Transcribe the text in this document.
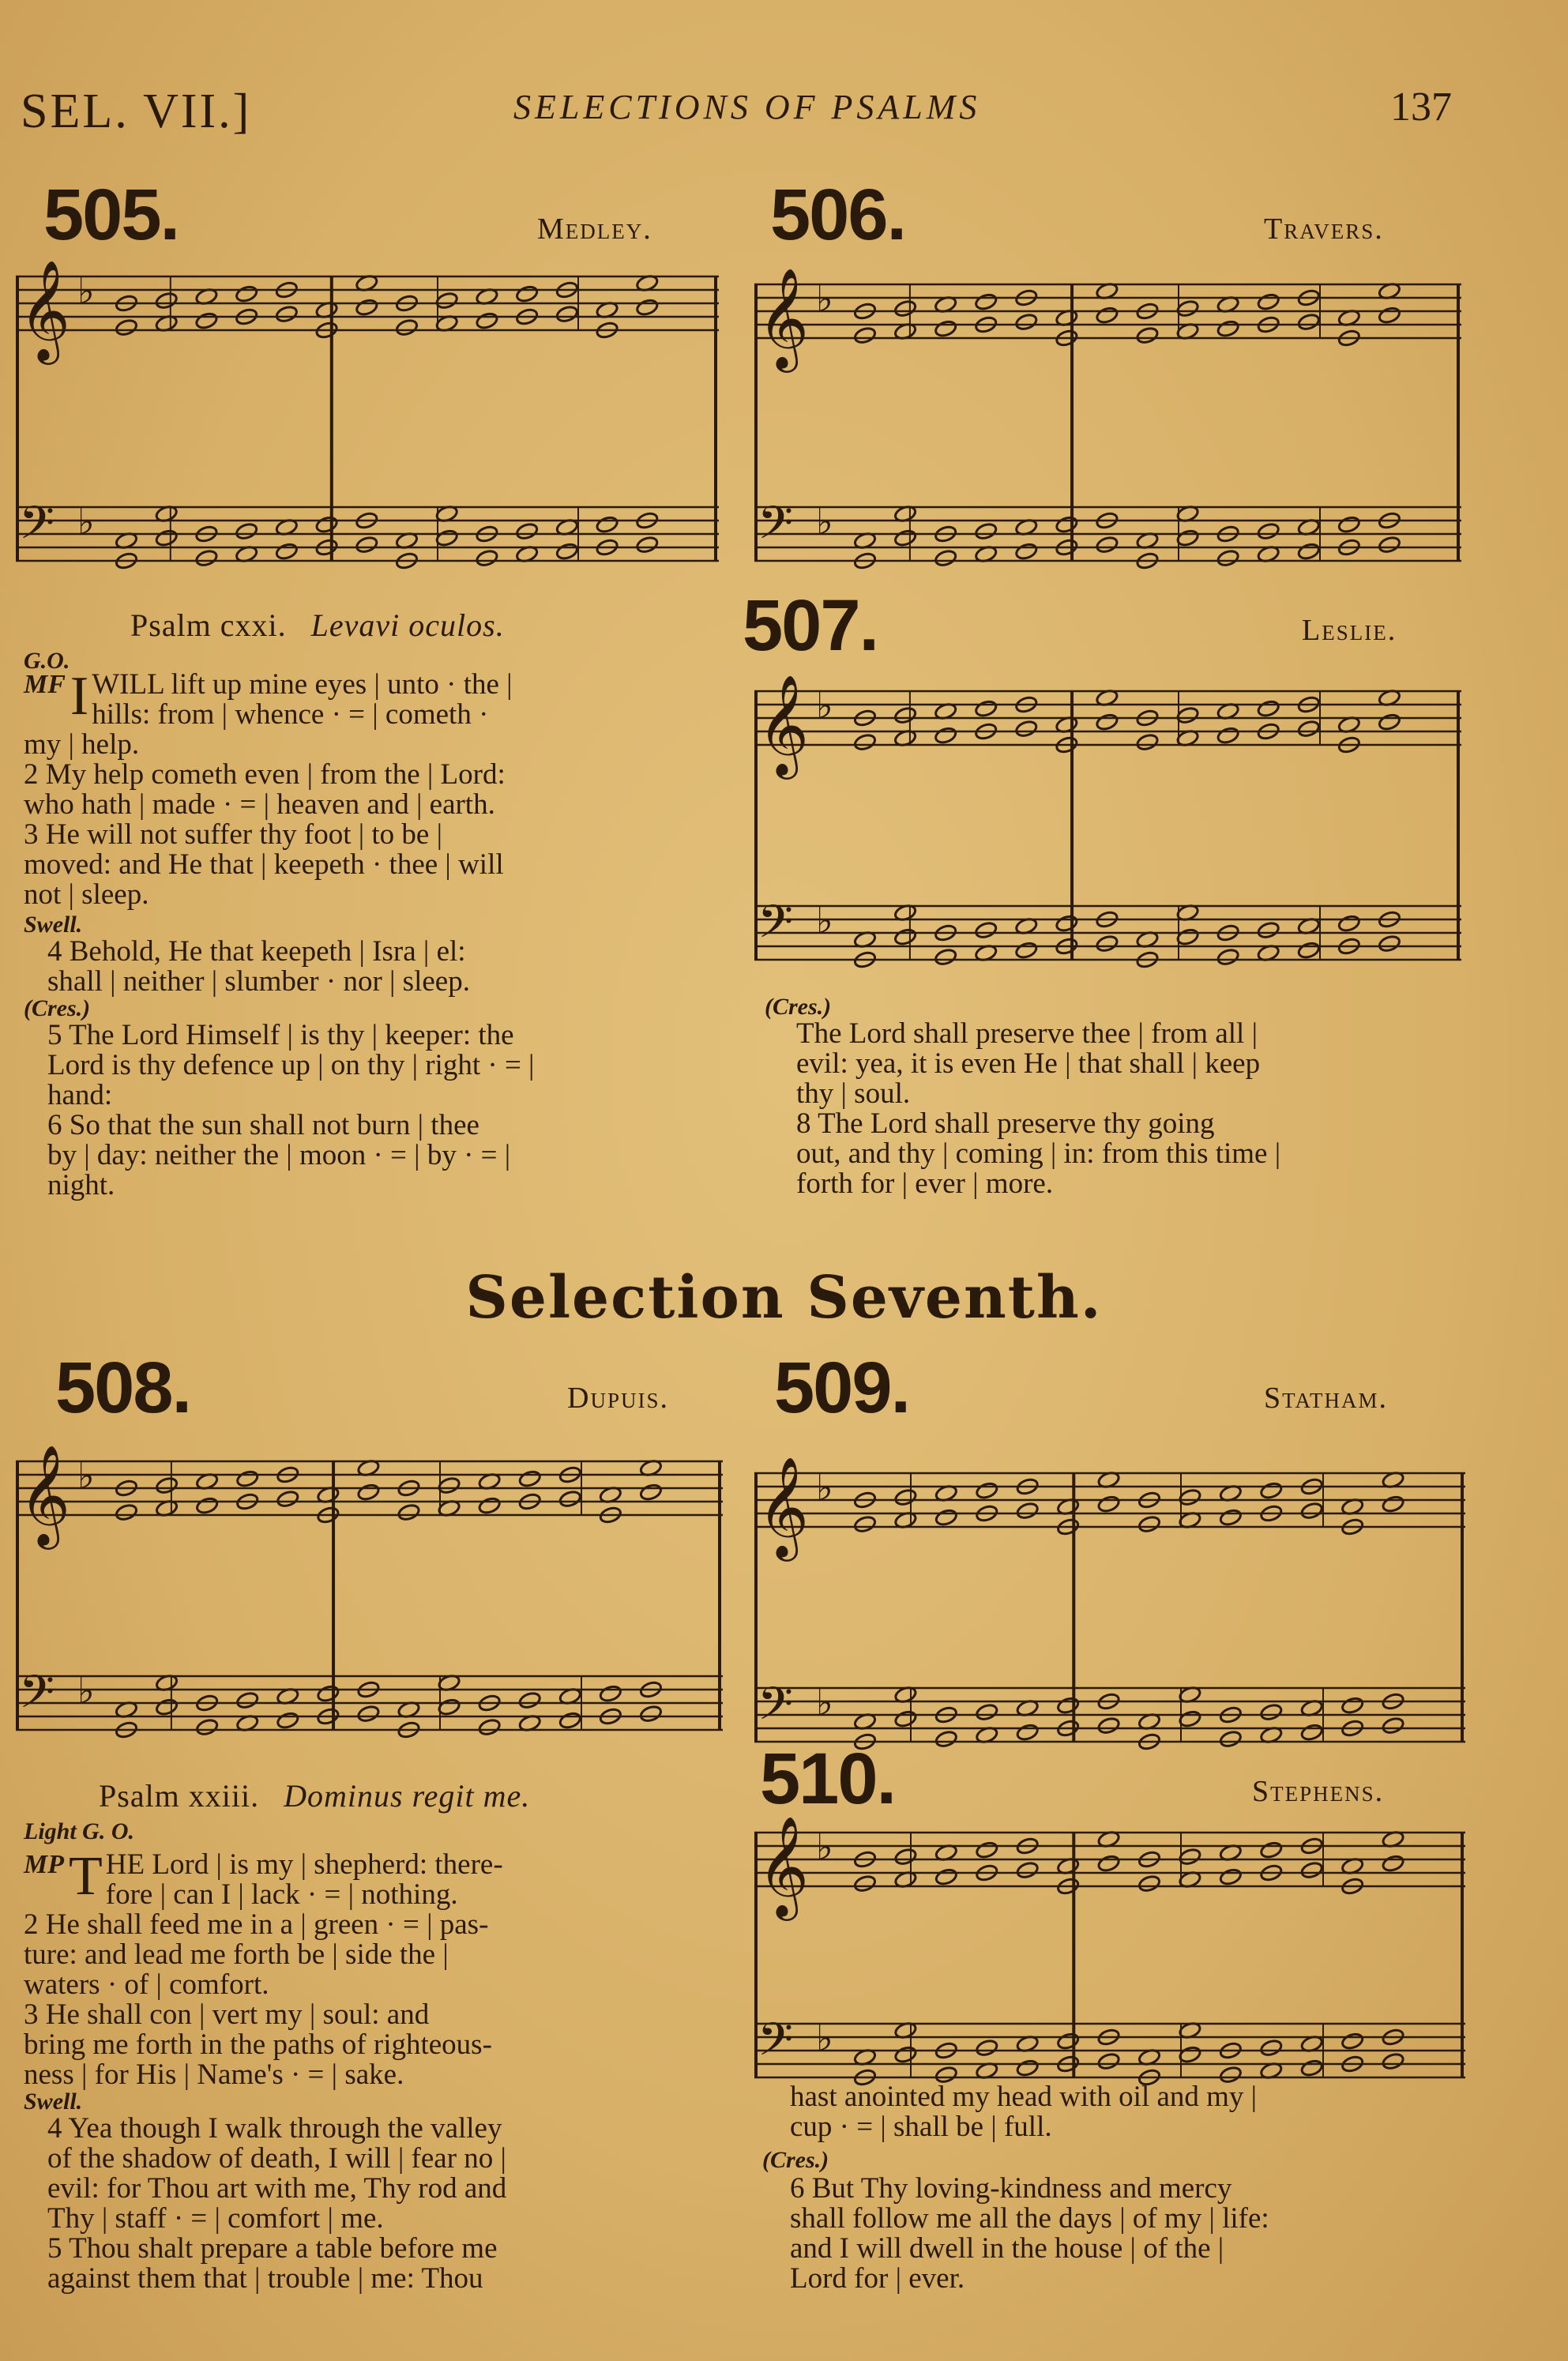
SEL. VII.]	SELECTIONS OF PSALMS	137
505.	Medley.
𝄞 ♭
𝄢 ♭
506.	Travers.
𝄞 ♭
𝄢 ♭
507.	Leslie.
𝄞 ♭
𝄢 ♭
Psalm cxxi. Levavi oculos.
G.O.
MF I WILL lift up mine eyes | unto · the |

hills: from | whence · = | cometh ·

my | help.

2 My help cometh even | from the | Lord:

who hath | made · = | heaven and | earth.

3 He will not suffer thy foot | to be |

moved: and He that | keepeth · thee | will

not | sleep.

Swell.

4 Behold, He that keepeth | Isra | el:

shall | neither | slumber · nor | sleep.

(Cres.)

5 The Lord Himself | is thy | keeper: the

Lord is thy defence up | on thy | right · = |

hand:

6 So that the sun shall not burn | thee

by | day: neither the | moon · = | by · = |

night.

(Cres.)

The Lord shall preserve thee | from all |

evil: yea, it is even He | that shall | keep

thy | soul.

8 The Lord shall preserve thy going

out, and thy | coming | in: from this time |

forth for | ever | more.

Selection Seventh.
508.	Dupuis.
𝄞 ♭
𝄢 ♭
509.	Statham.
𝄞 ♭
𝄢 ♭
510.	Stephens.
𝄞 ♭
𝄢 ♭
Psalm xxiii. Dominus regit me.
Light G. O.
MP T HE Lord | is my | shepherd: there-

fore | can I | lack · = | nothing.

2 He shall feed me in a | green · = | pas-

ture: and lead me forth be | side the |

waters · of | comfort.

3 He shall con | vert my | soul: and

bring me forth in the paths of righteous-

ness | for His | Name's · = | sake.

Swell.

4 Yea though I walk through the valley

of the shadow of death, I will | fear no |

evil: for Thou art with me, Thy rod and

Thy | staff · = | comfort | me.

5 Thou shalt prepare a table before me

against them that | trouble | me: Thou

hast anointed my head with oil and my |

cup · = | shall be | full.

(Cres.)

6 But Thy loving-kindness and mercy

shall follow me all the days | of my | life:

and I will dwell in the house | of the |

Lord for | ever.
